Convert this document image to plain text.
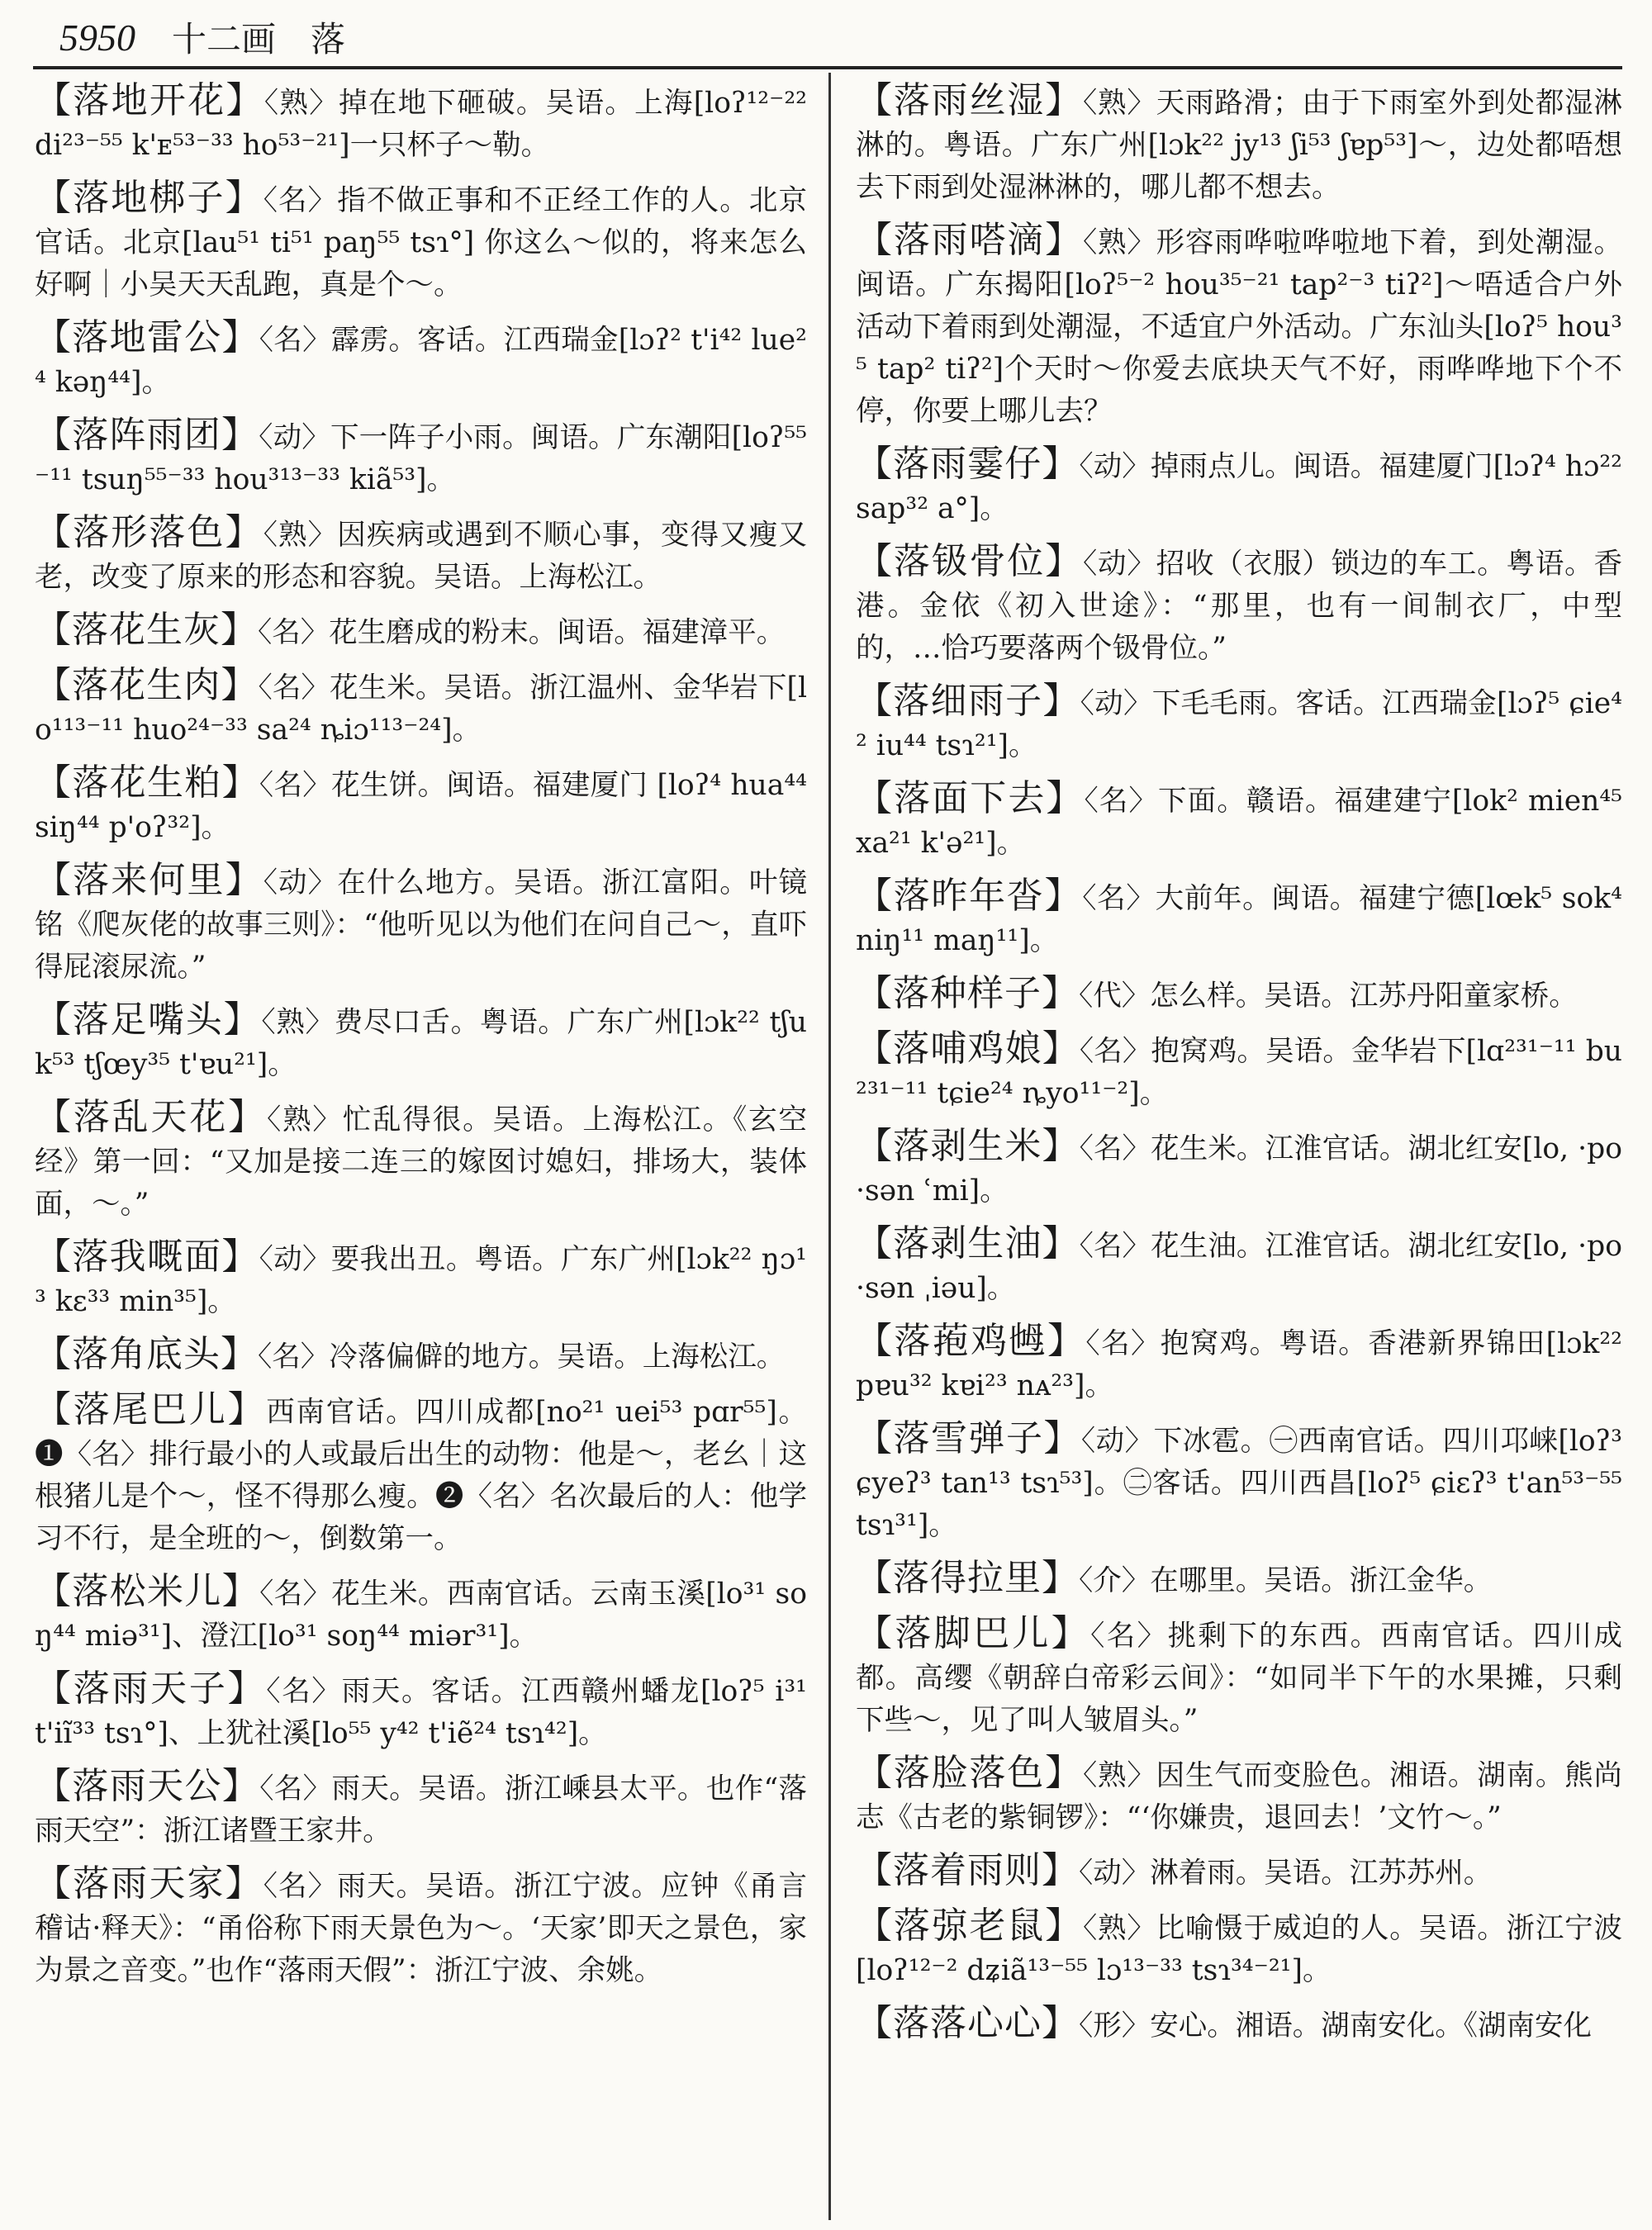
5950 十二画　落

【落地开花】〈熟〉掉在地下砸破。吴语。上海[loʔ¹²⁻²² di²³⁻⁵⁵ k'ᴇ⁵³⁻³³ ho⁵³⁻²¹]一只杯子～勒。

【落地梆子】〈名〉指不做正事和不正经工作的人。北京官话。北京[lau⁵¹ ti⁵¹ paŋ⁵⁵ tsɿ°] 你这么～似的，将来怎么好啊｜小吴天天乱跑，真是个～。

【落地雷公】〈名〉霹雳。客话。江西瑞金[lɔʔ² t'i⁴² lue²⁴ kəŋ⁴⁴]。

【落阵雨团】〈动〉下一阵子小雨。闽语。广东潮阳[loʔ⁵⁵⁻¹¹ tsuŋ⁵⁵⁻³³ hou³¹³⁻³³ kiã⁵³]。

【落形落色】〈熟〉因疾病或遇到不顺心事，变得又瘦又老，改变了原来的形态和容貌。吴语。上海松江。

【落花生灰】〈名〉花生磨成的粉末。闽语。福建漳平。

【落花生肉】〈名〉花生米。吴语。浙江温州、金华岩下[lo¹¹³⁻¹¹ huo²⁴⁻³³ sa²⁴ ȵiɔ¹¹³⁻²⁴]。

【落花生粕】〈名〉花生饼。闽语。福建厦门 [loʔ⁴ hua⁴⁴ siŋ⁴⁴ p'oʔ³²]。

【落来何里】〈动〉在什么地方。吴语。浙江富阳。叶镜铭《爬灰佬的故事三则》：“他听见以为他们在问自己～，直吓得屁滚尿流。”

【落足嘴头】〈熟〉费尽口舌。粤语。广东广州[lɔk²² tʃuk⁵³ tʃœy³⁵ t'ɐu²¹]。

【落乱天花】〈熟〉忙乱得很。吴语。上海松江。《玄空经》第一回：“又加是接二连三的嫁囡讨媳妇，排场大，装体面，～。”

【落我嘅面】〈动〉要我出丑。粤语。广东广州[lɔk²² ŋɔ¹³ kɛ³³ min³⁵]。

【落角底头】〈名〉冷落偏僻的地方。吴语。上海松江。

【落尾巴儿】西南官话。四川成都[no²¹ uei⁵³ pɑr⁵⁵]。❶〈名〉排行最小的人或最后出生的动物：他是～，老幺｜这根猪儿是个～，怪不得那么瘦。❷〈名〉名次最后的人：他学习不行，是全班的～，倒数第一。

【落松米儿】〈名〉花生米。西南官话。云南玉溪[lo³¹ soŋ⁴⁴ miə³¹]、澄江[lo³¹ soŋ⁴⁴ miər³¹]。

【落雨天子】〈名〉雨天。客话。江西赣州蟠龙[loʔ⁵ i³¹ t'iĩ³³ tsɿ°]、上犹社溪[lo⁵⁵ y⁴² t'iẽ²⁴ tsɿ⁴²]。

【落雨天公】〈名〉雨天。吴语。浙江嵊县太平。也作“落雨天空”：浙江诸暨王家井。

【落雨天家】〈名〉雨天。吴语。浙江宁波。应钟《甬言稽诂·释天》：“甬俗称下雨天景色为～。‘天家’即天之景色，家为景之音变。”也作“落雨天假”：浙江宁波、余姚。

【落雨丝湿】〈熟〉天雨路滑；由于下雨室外到处都湿淋淋的。粤语。广东广州[lɔk²² jy¹³ ʃi⁵³ ʃɐp⁵³]～，边处都唔想去下雨到处湿淋淋的，哪儿都不想去。

【落雨嗒滴】〈熟〉形容雨哗啦哗啦地下着，到处潮湿。闽语。广东揭阳[loʔ⁵⁻² hou³⁵⁻²¹ tap²⁻³ tiʔ²]～唔适合户外活动下着雨到处潮湿，不适宜户外活动。广东汕头[loʔ⁵ hou³⁵ tap² tiʔ²]个天时～你爱去底块天气不好，雨哗哗地下个不停，你要上哪儿去？

【落雨霎仔】〈动〉掉雨点儿。闽语。福建厦门[lɔʔ⁴ hɔ²² sap³² a°]。

【落钑骨位】〈动〉招收（衣服）锁边的车工。粤语。香港。金依《初入世途》：“那里，也有一间制衣厂，中型的，…恰巧要落两个钑骨位。”

【落细雨子】〈动〉下毛毛雨。客话。江西瑞金[lɔʔ⁵ ɕie⁴² iu⁴⁴ tsɿ²¹]。

【落面下去】〈名〉下面。赣语。福建建宁[lok² mien⁴⁵ xa²¹ k'ə²¹]。

【落昨年沓】〈名〉大前年。闽语。福建宁德[lœk⁵ sok⁴ niŋ¹¹ maŋ¹¹]。

【落种样子】〈代〉怎么样。吴语。江苏丹阳童家桥。

【落哺鸡娘】〈名〉抱窝鸡。吴语。金华岩下[lɑ²³¹⁻¹¹ bu²³¹⁻¹¹ tɕie²⁴ ȵyo¹¹⁻²]。

【落剥生米】〈名〉花生米。江淮官话。湖北红安[lo, ·po ·sən ʿmi]。

【落剥生油】〈名〉花生油。江淮官话。湖北红安[lo, ·po ·sən ˌiəu]。

【落菢鸡乸】〈名〉抱窝鸡。粤语。香港新界锦田[lɔk²² pɐu³² kɐi²³ nᴀ²³]。

【落雪弹子】〈动〉下冰雹。㊀西南官话。四川邛崃[loʔ³ ɕyeʔ³ tan¹³ tsɿ⁵³]。㊁客话。四川西昌[loʔ⁵ ɕiɛʔ³ t'an⁵³⁻⁵⁵ tsɿ³¹]。

【落得拉里】〈介〉在哪里。吴语。浙江金华。

【落脚巴儿】〈名〉挑剩下的东西。西南官话。四川成都。高缨《朝辞白帝彩云间》：“如同半下午的水果摊，只剩下些～，见了叫人皱眉头。”

【落脸落色】〈熟〉因生气而变脸色。湘语。湖南。熊尚志《古老的紫铜锣》：“‘你嫌贵，退回去！’文竹～。”

【落着雨则】〈动〉淋着雨。吴语。江苏苏州。

【落弶老鼠】〈熟〉比喻慑于威迫的人。吴语。浙江宁波[loʔ¹²⁻² dʑiã¹³⁻⁵⁵ lɔ¹³⁻³³ tsɿ³⁴⁻²¹]。

【落落心心】〈形〉安心。湘语。湖南安化。《湖南安化
